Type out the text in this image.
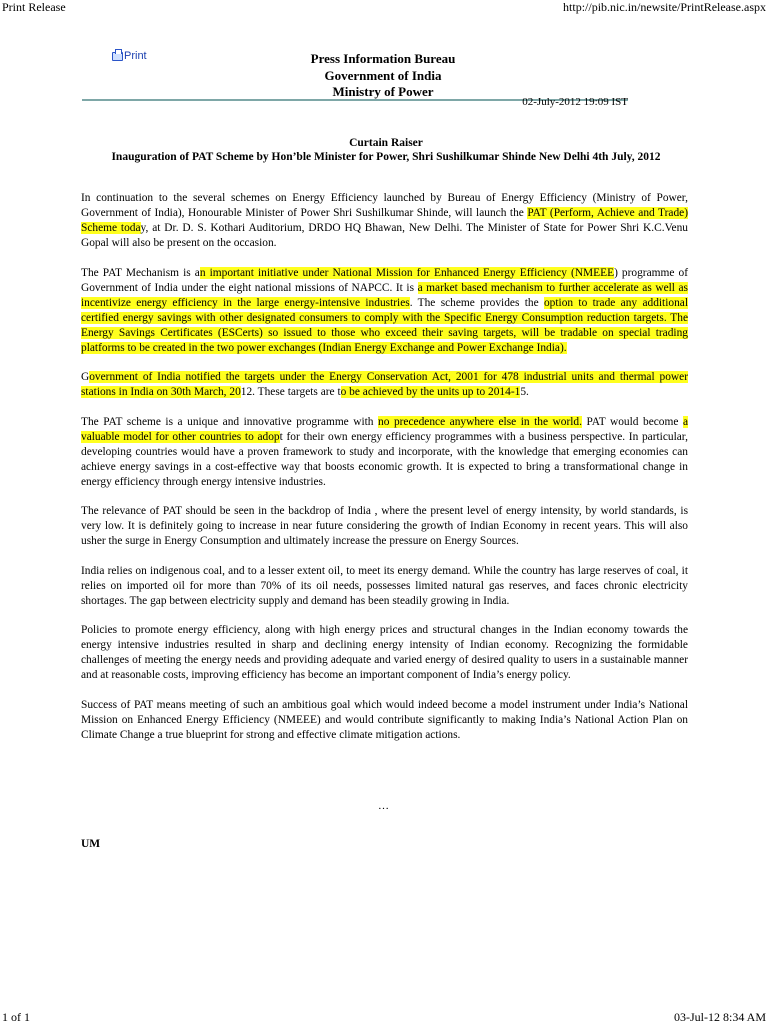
Print Release	http://pib.nic.in/newsite/PrintRelease.aspx
Print	Press Information Bureau
Government of India
Ministry of Power
02-July-2012 19:09 IST
Curtain Raiser
Inauguration of PAT Scheme by Hon’ble Minister for Power, Shri Sushilkumar Shinde New Delhi 4th July, 2012

In continuation to the several schemes on Energy Efficiency launched by Bureau of Energy Efficiency (Ministry of Power, Government of India), Honourable Minister of Power Shri Sushilkumar Shinde, will launch the PAT (Perform, Achieve and Trade) Scheme today, at Dr. D. S. Kothari Auditorium, DRDO HQ Bhawan, New Delhi. The Minister of State for Power Shri K.C.Venu Gopal will also be present on the occasion.

The PAT Mechanism is an important initiative under National Mission for Enhanced Energy Efficiency (NMEEE) programme of Government of India under the eight national missions of NAPCC. It is a market based mechanism to further accelerate as well as incentivize energy efficiency in the large energy-intensive industries. The scheme provides the option to trade any additional certified energy savings with other designated consumers to comply with the Specific Energy Consumption reduction targets. The Energy Savings Certificates (ESCerts) so issued to those who exceed their saving targets, will be tradable on special trading platforms to be created in the two power exchanges (Indian Energy Exchange and Power Exchange India).

Government of India notified the targets under the Energy Conservation Act, 2001 for 478 industrial units and thermal power stations in India on 30th March, 2012. These targets are to be achieved by the units up to 2014-15.

The PAT scheme is a unique and innovative programme with no precedence anywhere else in the world. PAT would become a valuable model for other countries to adopt for their own energy efficiency programmes with a business perspective. In particular, developing countries would have a proven framework to study and incorporate, with the knowledge that emerging economies can achieve energy savings in a cost-effective way that boosts economic growth. It is expected to bring a transformational change in energy efficiency through energy intensive industries.

The relevance of PAT should be seen in the backdrop of India , where the present level of energy intensity, by world standards, is very low. It is definitely going to increase in near future considering the growth of Indian Economy in recent years. This will also usher the surge in Energy Consumption and ultimately increase the pressure on Energy Sources.

India relies on indigenous coal, and to a lesser extent oil, to meet its energy demand. While the country has large reserves of coal, it relies on imported oil for more than 70% of its oil needs, possesses limited natural gas reserves, and faces chronic electricity shortages. The gap between electricity supply and demand has been steadily growing in India.

Policies to promote energy efficiency, along with high energy prices and structural changes in the Indian economy towards the energy intensive industries resulted in sharp and declining energy intensity of Indian economy. Recognizing the formidable challenges of meeting the energy needs and providing adequate and varied energy of desired quality to users in a sustainable manner and at reasonable costs, improving efficiency has become an important component of India’s energy policy.

Success of PAT means meeting of such an ambitious goal which would indeed become a model instrument under India’s National Mission on Enhanced Energy Efficiency (NMEEE) and would contribute significantly to making India’s National Action Plan on Climate Change a true blueprint for strong and effective climate mitigation actions.

…
UM
1 of 1	03-Jul-12 8:34 AM
